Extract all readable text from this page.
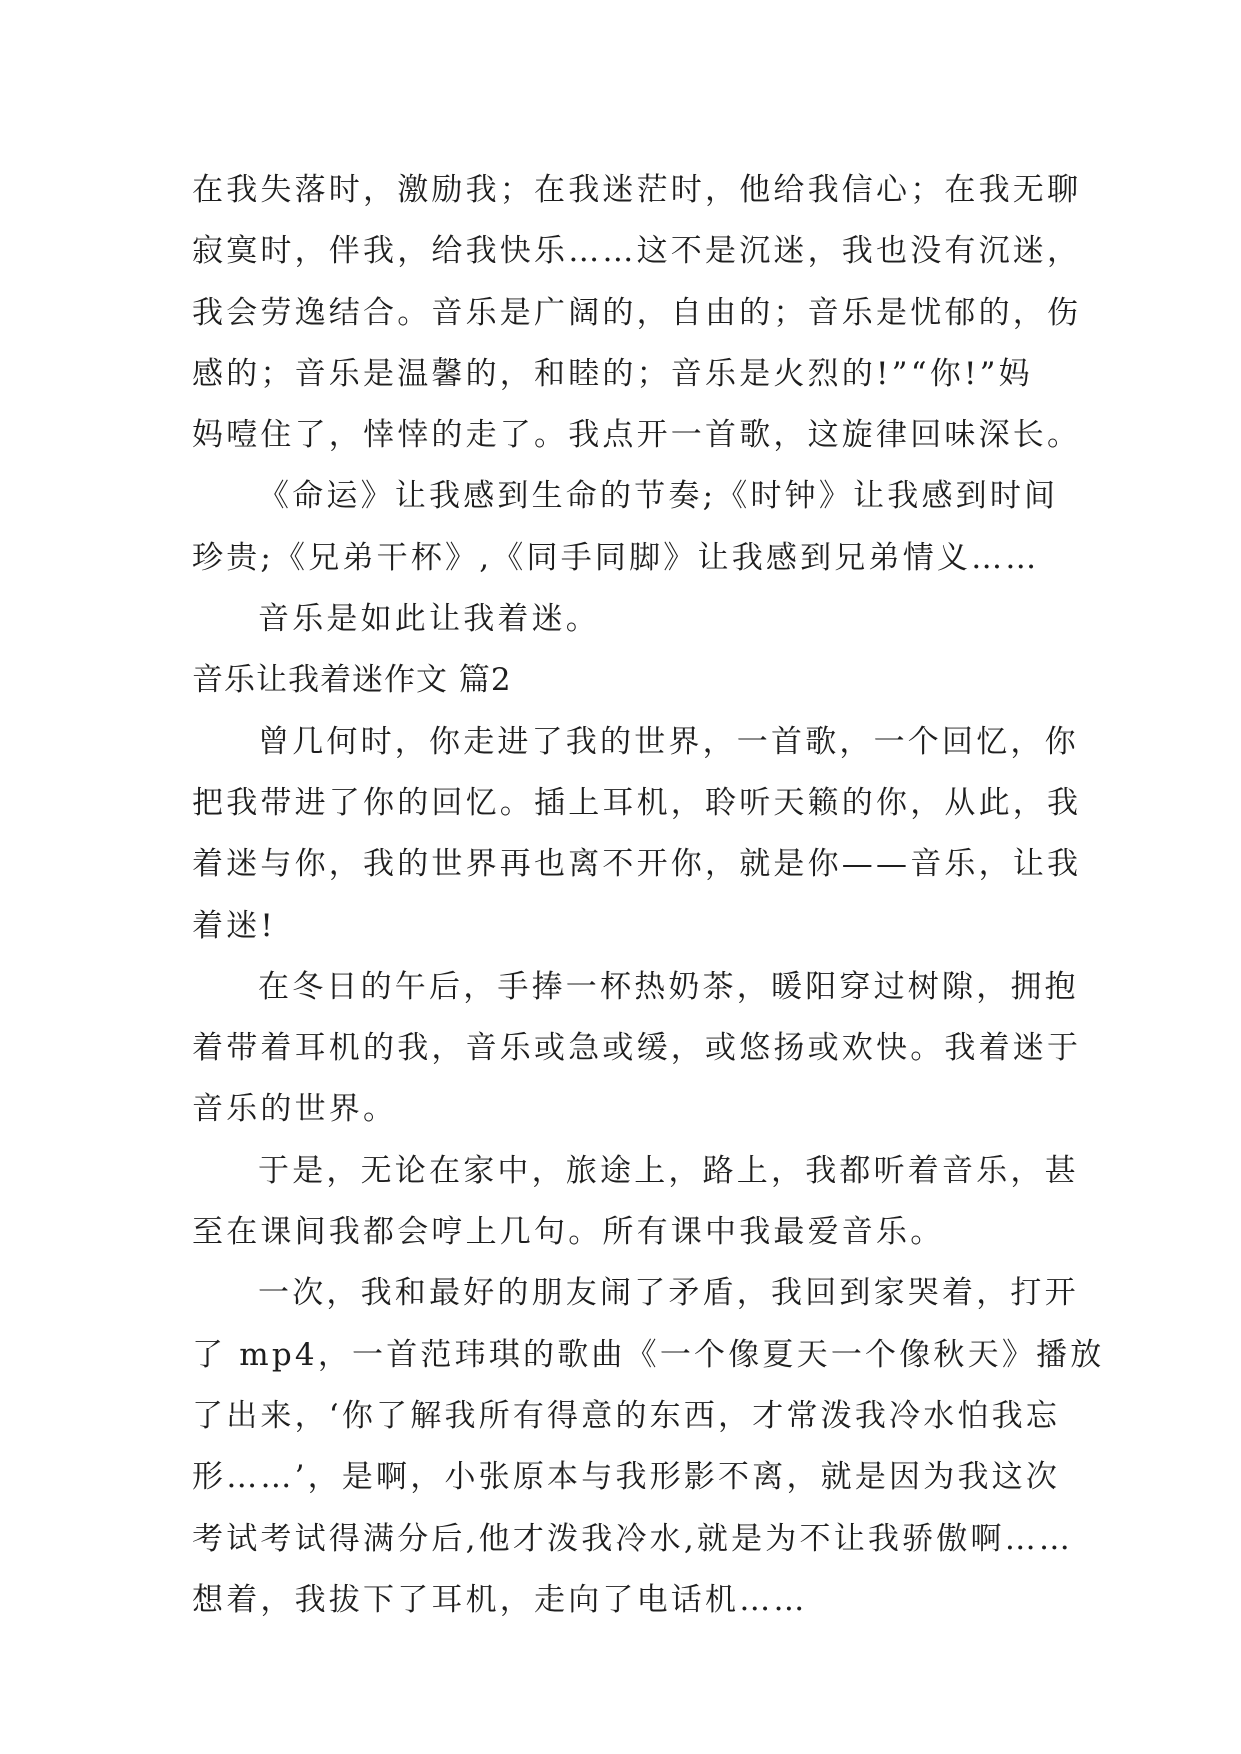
在我失落时，激励我；在我迷茫时，他给我信心；在我无聊

寂寞时，伴我，给我快乐……这不是沉迷，我也没有沉迷，

我会劳逸结合。音乐是广阔的，自由的；音乐是忧郁的，伤

感的；音乐是温馨的，和睦的；音乐是火烈的!”“你!”妈

妈噎住了，悻悻的走了。我点开一首歌，这旋律回味深长。

《命运》让我感到生命的节奏;《时钟》让我感到时间

珍贵;《兄弟干杯》,《同手同脚》让我感到兄弟情义……

音乐是如此让我着迷。

音乐让我着迷作文 篇2

曾几何时，你走进了我的世界，一首歌，一个回忆，你

把我带进了你的回忆。插上耳机，聆听天籁的你，从此，我

着迷与你，我的世界再也离不开你，就是你——音乐，让我

着迷!

在冬日的午后，手捧一杯热奶茶，暖阳穿过树隙，拥抱

着带着耳机的我，音乐或急或缓，或悠扬或欢快。我着迷于

音乐的世界。

于是，无论在家中，旅途上，路上，我都听着音乐，甚

至在课间我都会哼上几句。所有课中我最爱音乐。

一次，我和最好的朋友闹了矛盾，我回到家哭着，打开

了 mp4，一首范玮琪的歌曲《一个像夏天一个像秋天》播放

了出来，‘你了解我所有得意的东西，才常泼我冷水怕我忘

形……’，是啊，小张原本与我形影不离，就是因为我这次

考试考试得满分后,他才泼我冷水,就是为不让我骄傲啊……

想着，我拔下了耳机，走向了电话机……
